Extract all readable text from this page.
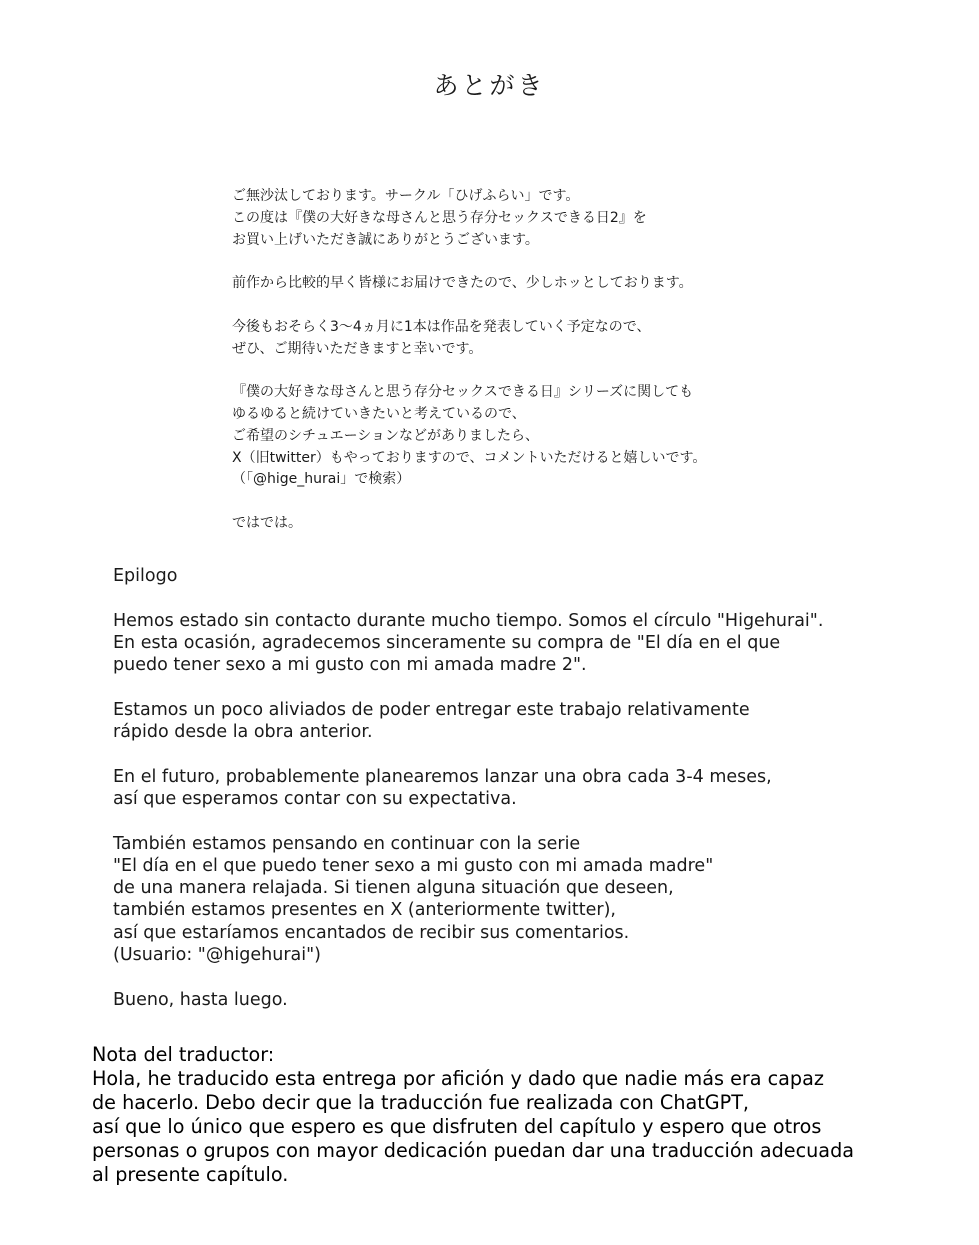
あとがき

ご無沙汰しております。サークル「ひげふらい」です。
この度は『僕の大好きな母さんと思う存分セックスできる日2』を
お買い上げいただき誠にありがとうございます。

前作から比較的早く皆様にお届けできたので、少しホッとしております。

今後もおそらく3〜4ヵ月に1本は作品を発表していく予定なので、
ぜひ、ご期待いただきますと幸いです。

『僕の大好きな母さんと思う存分セックスできる日』シリーズに関しても
ゆるゆると続けていきたいと考えているので、
ご希望のシチュエーションなどがありましたら、
X（旧twitter）もやっておりますので、コメントいただけると嬉しいです。
（「@hige_hurai」で検索）

ではでは。

Epilogo

Hemos estado sin contacto durante mucho tiempo. Somos el círculo "Higehurai".
En esta ocasión, agradecemos sinceramente su compra de "El día en el que
puedo tener sexo a mi gusto con mi amada madre 2".

Estamos un poco aliviados de poder entregar este trabajo relativamente
rápido desde la obra anterior.

En el futuro, probablemente planearemos lanzar una obra cada 3-4 meses,
así que esperamos contar con su expectativa.

También estamos pensando en continuar con la serie
"El día en el que puedo tener sexo a mi gusto con mi amada madre"
de una manera relajada. Si tienen alguna situación que deseen,
también estamos presentes en X (anteriormente twitter),
así que estaríamos encantados de recibir sus comentarios.
(Usuario: "@higehurai")

Bueno, hasta luego.

Nota del traductor:
Hola, he traducido esta entrega por afición y dado que nadie más era capaz
de hacerlo. Debo decir que la traducción fue realizada con ChatGPT,
así que lo único que espero es que disfruten del capítulo y espero que otros
personas o grupos con mayor dedicación puedan dar una traducción adecuada
al presente capítulo.
